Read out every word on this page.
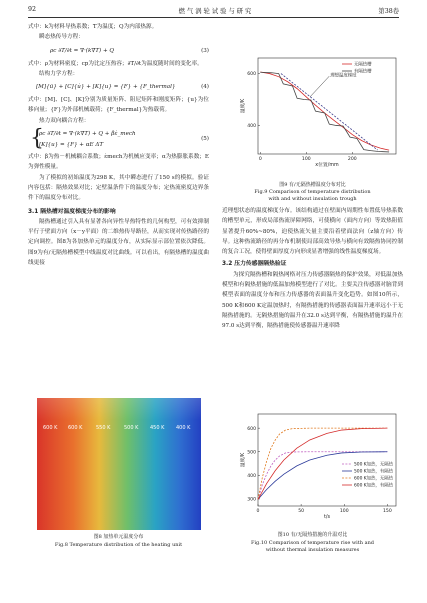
92	燃 气 涡 轮 试 验 与 研 究	第38卷

式中：k为材料导热系数；T为温度；Q为内部热源。

瞬态热传导方程：

ρc ∂T/∂t = ∇·(k∇T) + Q	(3)

式中：ρ为材料密度；cp为比定压热容；∂T/∂t为温度随时间的变化率。

结构力学方程：

[M]{ü} + [C]{u̇} + [K]{u} = {F} + {F_thermal}	(4)

式中：[M]、[C]、[K]分别为质量矩阵、阻尼矩阵和刚度矩阵；{u}为位移向量；{F}为外部机械载荷；{F_thermal}为热载荷。

热力双向耦合方程：

{
ρc ∂T/∂t = ∇·(k∇T) + Q + βε̇_mech
[K]{u} = {F} + αE ΔT
(5)

式中：β为热－机械耦合系数；ε̇mech为机械应变率；α为热膨胀系数；E为弹性模量。

为了模拟的初始温度为298 K，其中瞬态进行了150 s的模拟。验证内容包括：隔热效果对比；定壁温条件下的温度分布；定热流密度边界条件下的温度分布对比。

3.1 隔热槽对温度梯度分布的影响

隔热槽通过引入具有显著各向异性导热特性的几何构型，可有效抑制平行于壁面方向（x－y平面）的二维热传导路径，从而实现对传热路径的定向调控。图8为各加热单元的温度分布，从实际显示部位置依次降低。图9为有/无隔热槽模型中线温度对比曲线。可以看出，有隔热槽的温度曲线更接

600 K 600 K	550 K	500 K 450 K 400 K
图8 加热单元温度分布
Fig.8 Temperature distribution of the heating unit
0	100	200
400
600
x位置/mm
温度/K
无隔热槽
有隔热槽
理想温度梯度
图9 有/无隔热槽温度分布对比
Fig.9 Comparison of temperature distribution
with and without insulation trough

近理想状态的温度梯度分布。该结构通过在壁面内周期性布置低导热系数的槽型单元，形成局部热流屏障网络，可使横向（面内方向）等效热阻值显著提升60%~80%，迫使热流矢量主要沿着壁面法向（z轴方向）传导。这种热流路径的再分布机制使局部高效导热与横向有效隔热协同控制的复合工况，使得壁面厚度方向形成显著增强的线性温度梯度场。

3.2 压力传感器隔热验证

为探究隔热槽和隔热网格对压力传感器隔热的保护效果，对低温加热模型和有隔热措施的低温加热模型进行了对比。主要关注传感器对脑背到模型表面的温度分布和压力传感器的表面温升变化趋势。如图10所示，500 K和600 K定温加热时，有隔热措施的传感器表面温升速率远小于无隔热措施的。无隔热措施的温升在32.0 s达到平衡，有隔热措施的温升在97.0 s达到平衡，隔热措施使传感器温升速率降

0	50	100	150
300
400
500
600
t/s
温度/K	500 K加热，无隔热
500 K加热，有隔热
600 K加热，无隔热
600 K加热，有隔热
图10 有/无隔热措施的升温对比
Fig.10 Comparison of temperature rise with and
without thermal insulation measures
